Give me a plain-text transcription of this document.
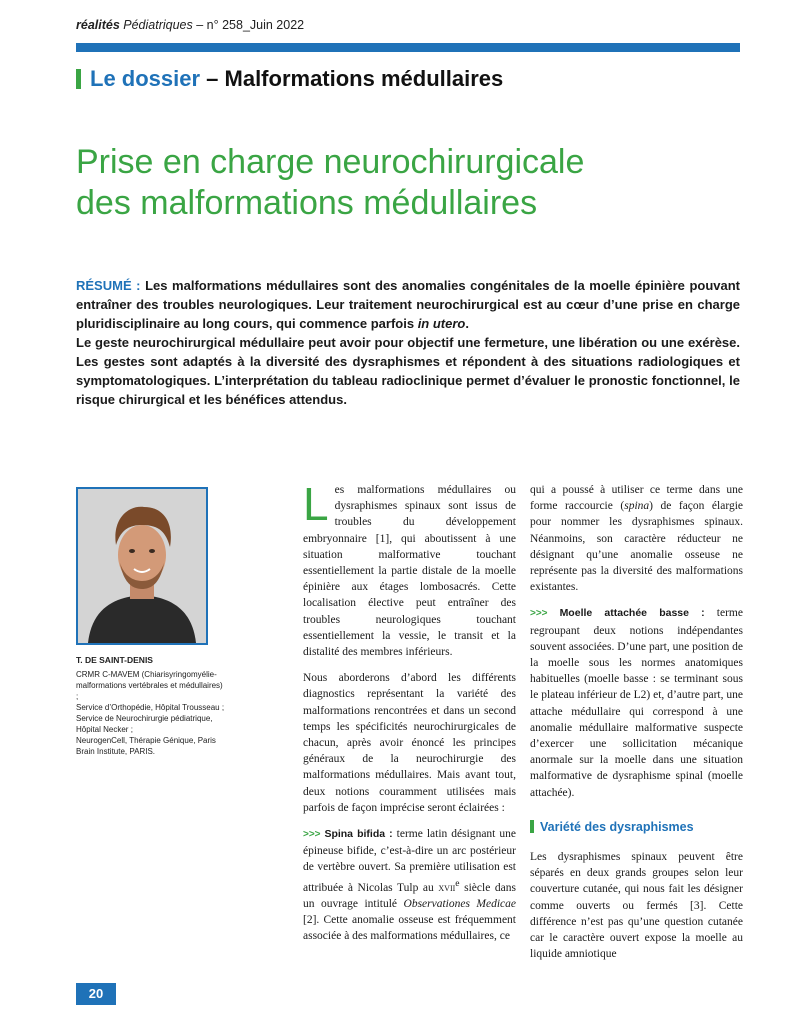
réalités Pédiatriques – n° 258_Juin 2022
Le dossier – Malformations médullaires
Prise en charge neurochirurgicale
des malformations médullaires

RÉSUMÉ : Les malformations médullaires sont des anomalies congénitales de la moelle épinière pouvant entraîner des troubles neurologiques. Leur traitement neurochirurgical est au cœur d’une prise en charge pluridisciplinaire au long cours, qui commence parfois in utero.

Le geste neurochirurgical médullaire peut avoir pour objectif une fermeture, une libération ou une exérèse. Les gestes sont adaptés à la diversité des dysraphismes et répondent à des situations radiologiques et symptomatologiques. L’interprétation du tableau radioclinique permet d’évaluer le pronostic fonctionnel, le risque chirurgical et les bénéfices attendus.

T. DE SAINT-DENIS
CRMR C-MAVEM (Chiarisyringomyélie-malformations vertébrales et médullaires) ;
Service d’Orthopédie, Hôpital Trousseau ;
Service de Neurochirurgie pédiatrique, Hôpital Necker ;
NeurogenCell, Thérapie Génique, Paris Brain Institute, PARIS.

Les malformations médullaires ou dysraphismes spinaux sont issus de troubles du développement embryonnaire [1], qui aboutissent à une situation malformative touchant essentiellement la partie distale de la moelle épinière aux étages lombosacrés. Cette localisation élective peut entraîner des troubles neurologiques touchant essentiellement la vessie, le transit et la distalité des membres inférieurs.

Nous aborderons d’abord les différents diagnostics représentant la variété des malformations rencontrées et dans un second temps les spécificités neurochirurgicales de chacun, après avoir énoncé les principes généraux de la neurochirurgie des malformations médullaires. Mais avant tout, deux notions couramment utilisées mais parfois de façon imprécise seront éclairées :

>>> Spina bifida : terme latin désignant une épineuse bifide, c’est-à-dire un arc postérieur de vertèbre ouvert. Sa première utilisation est attribuée à Nicolas Tulp au xvii$^e$ siècle dans un ouvrage intitulé Observationes Medicae [2]. Cette anomalie osseuse est fréquemment associée à des malformations médullaires, ce

qui a poussé à utiliser ce terme dans une forme raccourcie (spina) de façon élargie pour nommer les dysraphismes spinaux. Néanmoins, son caractère réducteur ne désignant qu’une anomalie osseuse ne représente pas la diversité des malformations existantes.

>>> Moelle attachée basse : terme regroupant deux notions indépendantes souvent associées. D’une part, une position de la moelle sous les normes anatomiques habituelles (moelle basse : se terminant sous le plateau inférieur de L2) et, d’autre part, une attache médullaire qui correspond à une anomalie médullaire malformative suspecte d’exercer une sollicitation mécanique anormale sur la moelle dans une situation malformative de dysraphisme spinal (moelle attachée).

Variété des dysraphismes

Les dysraphismes spinaux peuvent être séparés en deux grands groupes selon leur couverture cutanée, qui nous fait les désigner comme ouverts ou fermés [3]. Cette différence n’est pas qu’une question cutanée car le caractère ouvert expose la moelle au liquide amniotique

20
